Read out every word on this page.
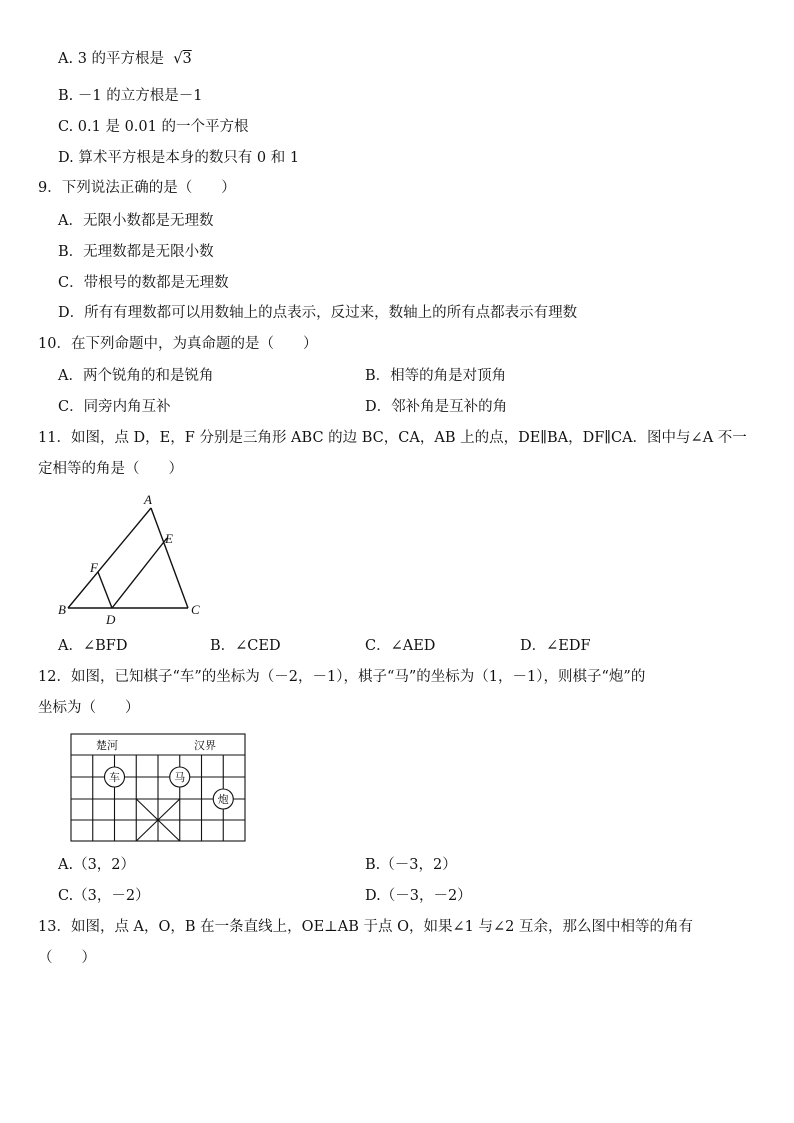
A. 3 的平方根是  √3
B. －1 的立方根是－1
C. 0.1 是 0.01 的一个平方根
D. 算术平方根是本身的数只有 0 和 1
9．下列说法正确的是（　　）
A．无限小数都是无理数
B．无理数都是无限小数
C．带根号的数都是无理数
D．所有有理数都可以用数轴上的点表示，反过来，数轴上的所有点都表示有理数
10．在下列命题中，为真命题的是（　　）
A．两个锐角的和是锐角	B．相等的角是对顶角
C．同旁内角互补	D．邻补角是互补的角
11．如图，点 D，E，F 分别是三角形 ABC 的边 BC，CA，AB 上的点，DE∥BA，DF∥CA．图中与∠A 不一
定相等的角是（　　）
A
B	C
D
E
F
A．∠BFD	B．∠CED	C．∠AED	D．∠EDF
12．如图，已知棋子“车”的坐标为（－2，－1），棋子“马”的坐标为（1，－1），则棋子“炮”的
坐标为（　　）
楚河	汉界
车	马
炮
A.（3，2）	B.（－3，2）
C.（3，－2）	D.（－3，－2）
13．如图，点 A，O，B 在一条直线上，OE⊥AB 于点 O，如果∠1 与∠2 互余，那么图中相等的角有
（　　）
